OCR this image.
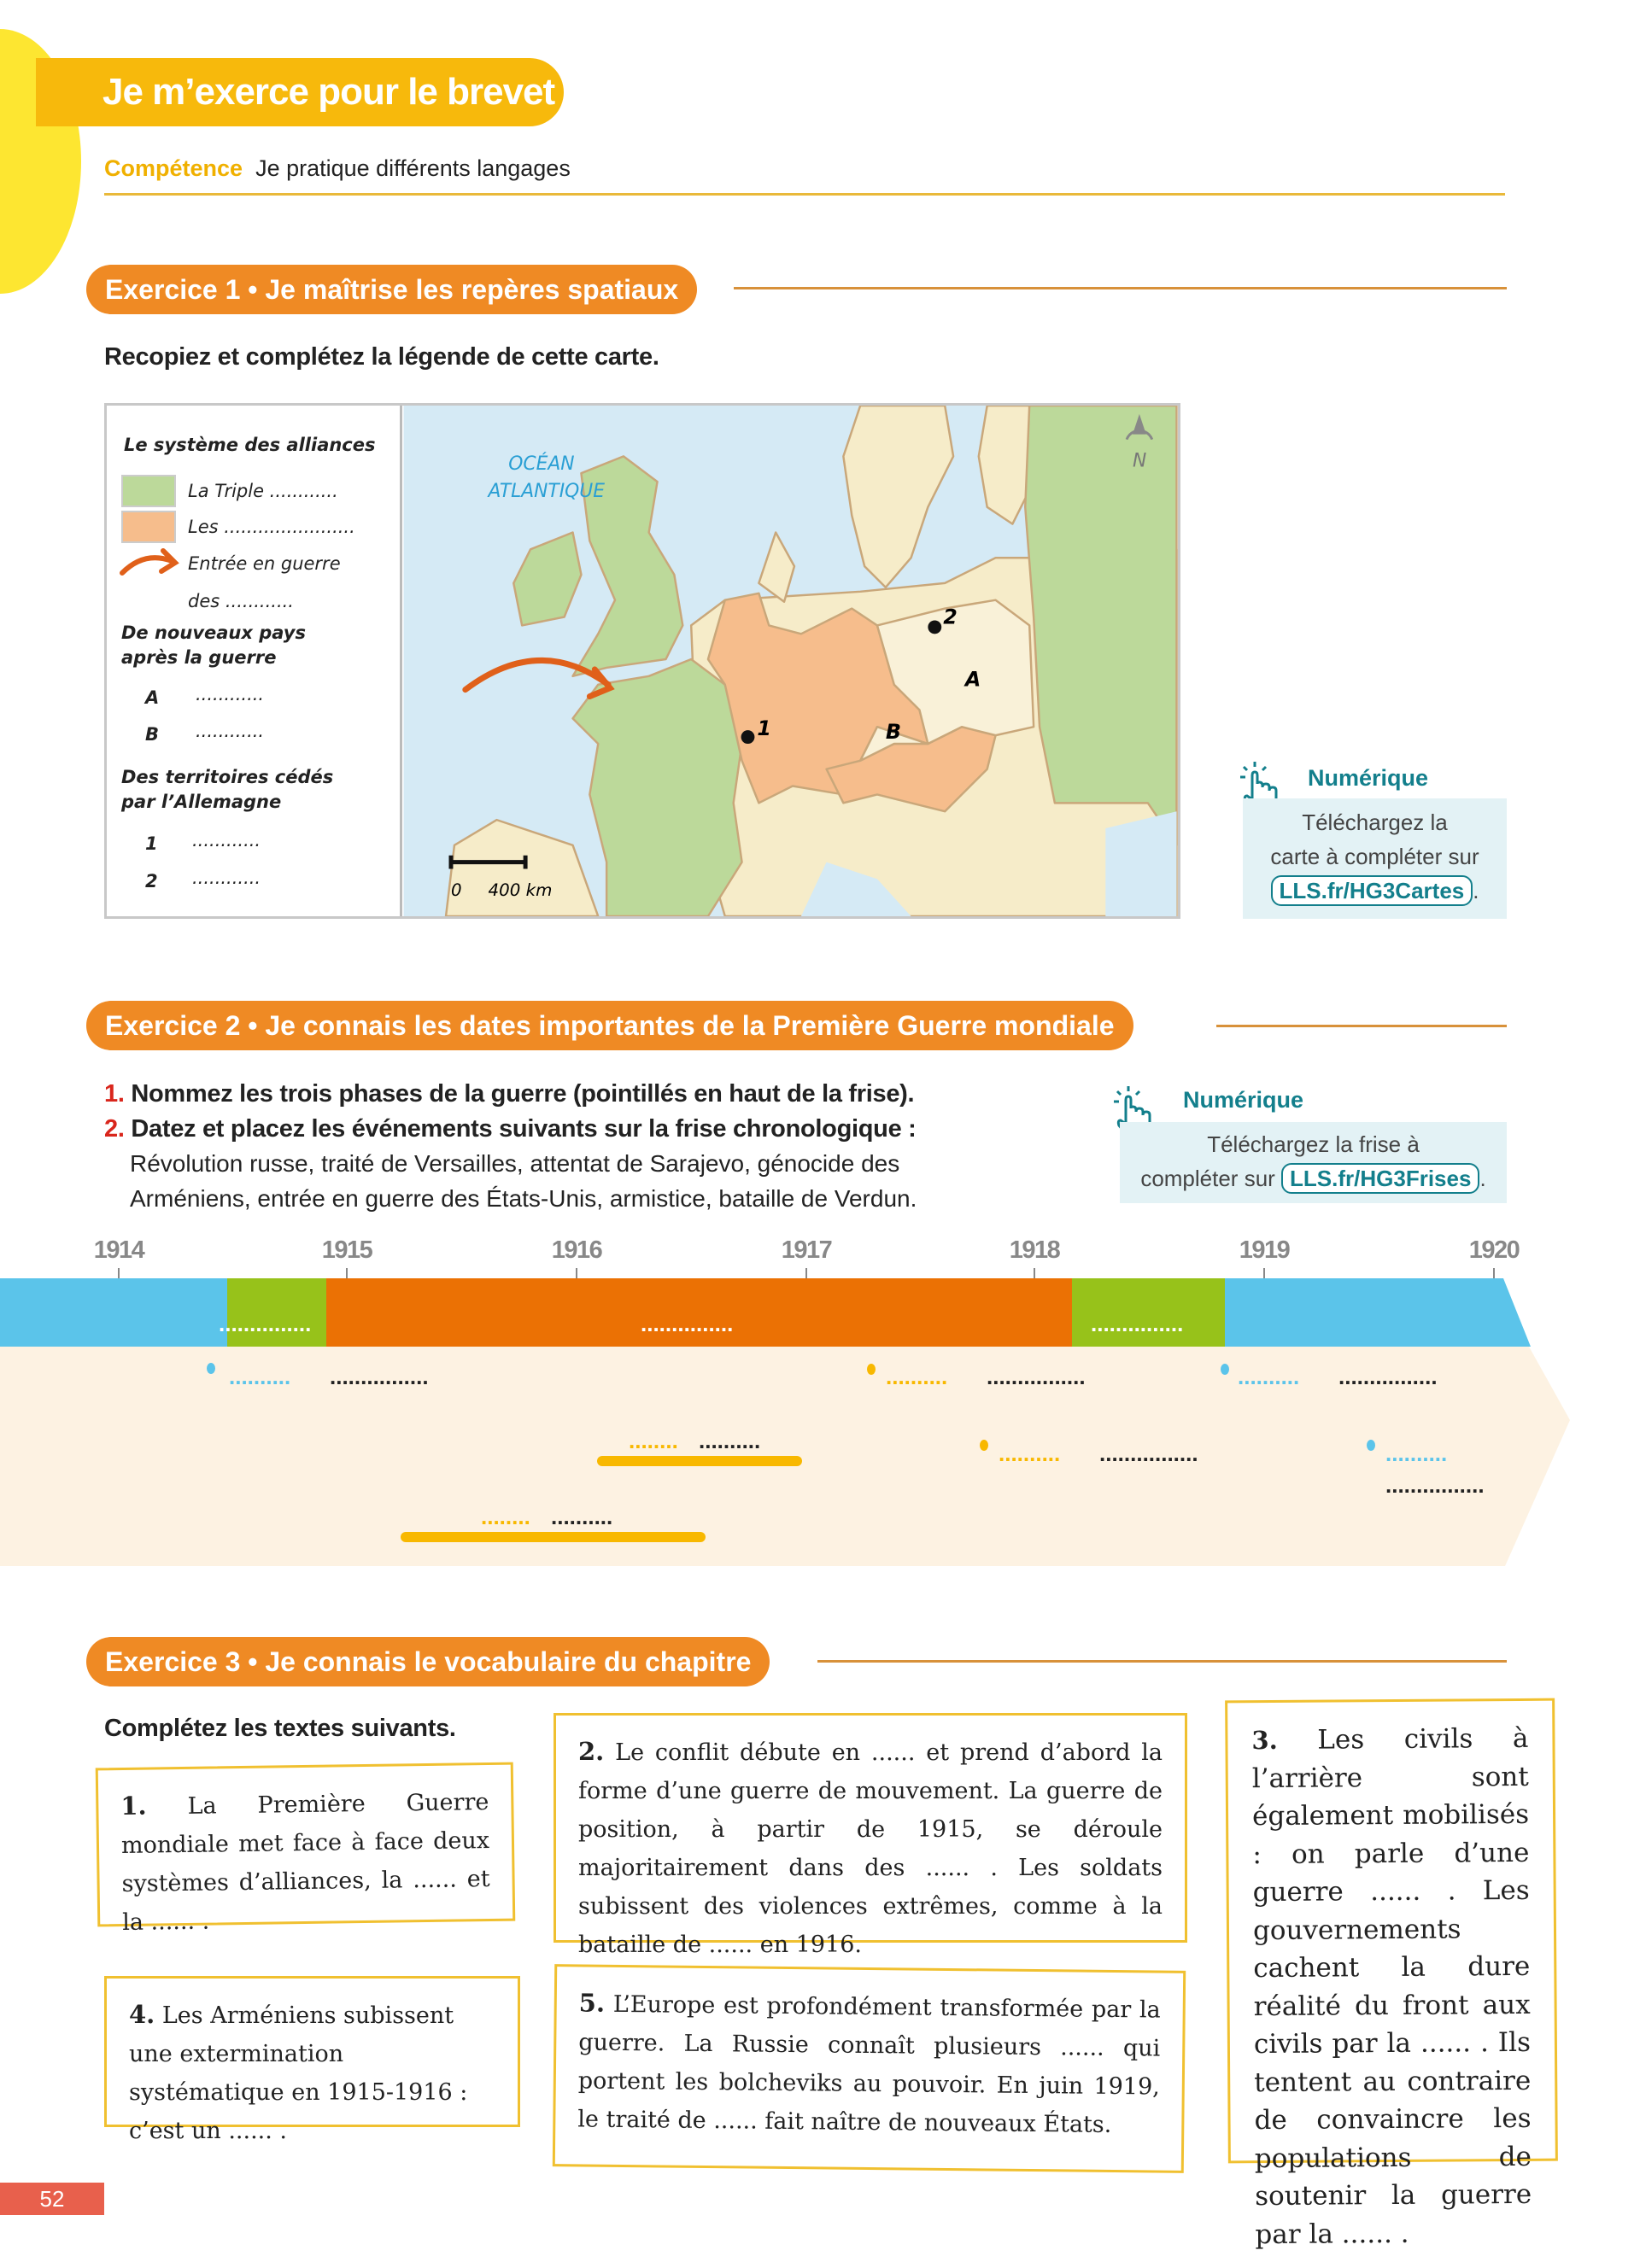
Je m’exerce pour le brevet
Compétence Je pratique différents langages
Exercice 1 • Je maîtrise les repères spatiaux
Recopiez et complétez la légende de cette carte.
Le système des alliances
La Triple ............
Les .......................
Entrée en guerre
des ............
De nouveaux pays
après la guerre
A ............
B ............
Des territoires cédés
par l’Allemagne
1 ............
2 ............
OCÉAN
ATLANTIQUE
1
2
A
B
0 400 km
N
Numérique
Téléchargez la
carte à compléter sur
LLS.fr/HG3Cartes .
Exercice 2 • Je connais les dates importantes de la Première Guerre mondiale
1. Nommez les trois phases de la guerre (pointillés en haut de la frise).
2. Datez et placez les événements suivants sur la frise chronologique :
Révolution russe, traité de Versailles, attentat de Sarajevo, génocide des
Arméniens, entrée en guerre des États-Unis, armistice, bataille de Verdun.
Numérique
Téléchargez la frise à
compléter sur LLS.fr/HG3Frises .
1914	1915	1916	1917	1918	1919	1920
...............	...............	...............
.......... ................	.......... ................	.......... ................
........ ..........	.......... ................	..........
................
........ ..........
Exercice 3 • Je connais le vocabulaire du chapitre
Complétez les textes suivants.
1. La Première Guerre mondiale met face à face deux systèmes d’alliances, la ...... et la ...... .
2. Le conflit débute en ...... et prend d’abord la forme d’une guerre de mouvement. La guerre de position, à partir de 1915, se déroule majoritairement dans des ...... . Les soldats subissent des violences extrêmes, comme à la bataille de ...... en 1916.
3. Les civils à l’arrière sont également mobilisés : on parle d’une guerre ...... . Les gouvernements cachent la dure réalité du front aux civils par la ...... . Ils tentent au contraire de convaincre les populations de soutenir la guerre par la ...... .
4. Les Arméniens subissent une extermination systématique en 1915-1916 : c’est un ...... .
5. L’Europe est profondément transformée par la guerre. La Russie connaît plusieurs ...... qui portent les bolcheviks au pouvoir. En juin 1919, le traité de ...... fait naître de nouveaux États.
52
